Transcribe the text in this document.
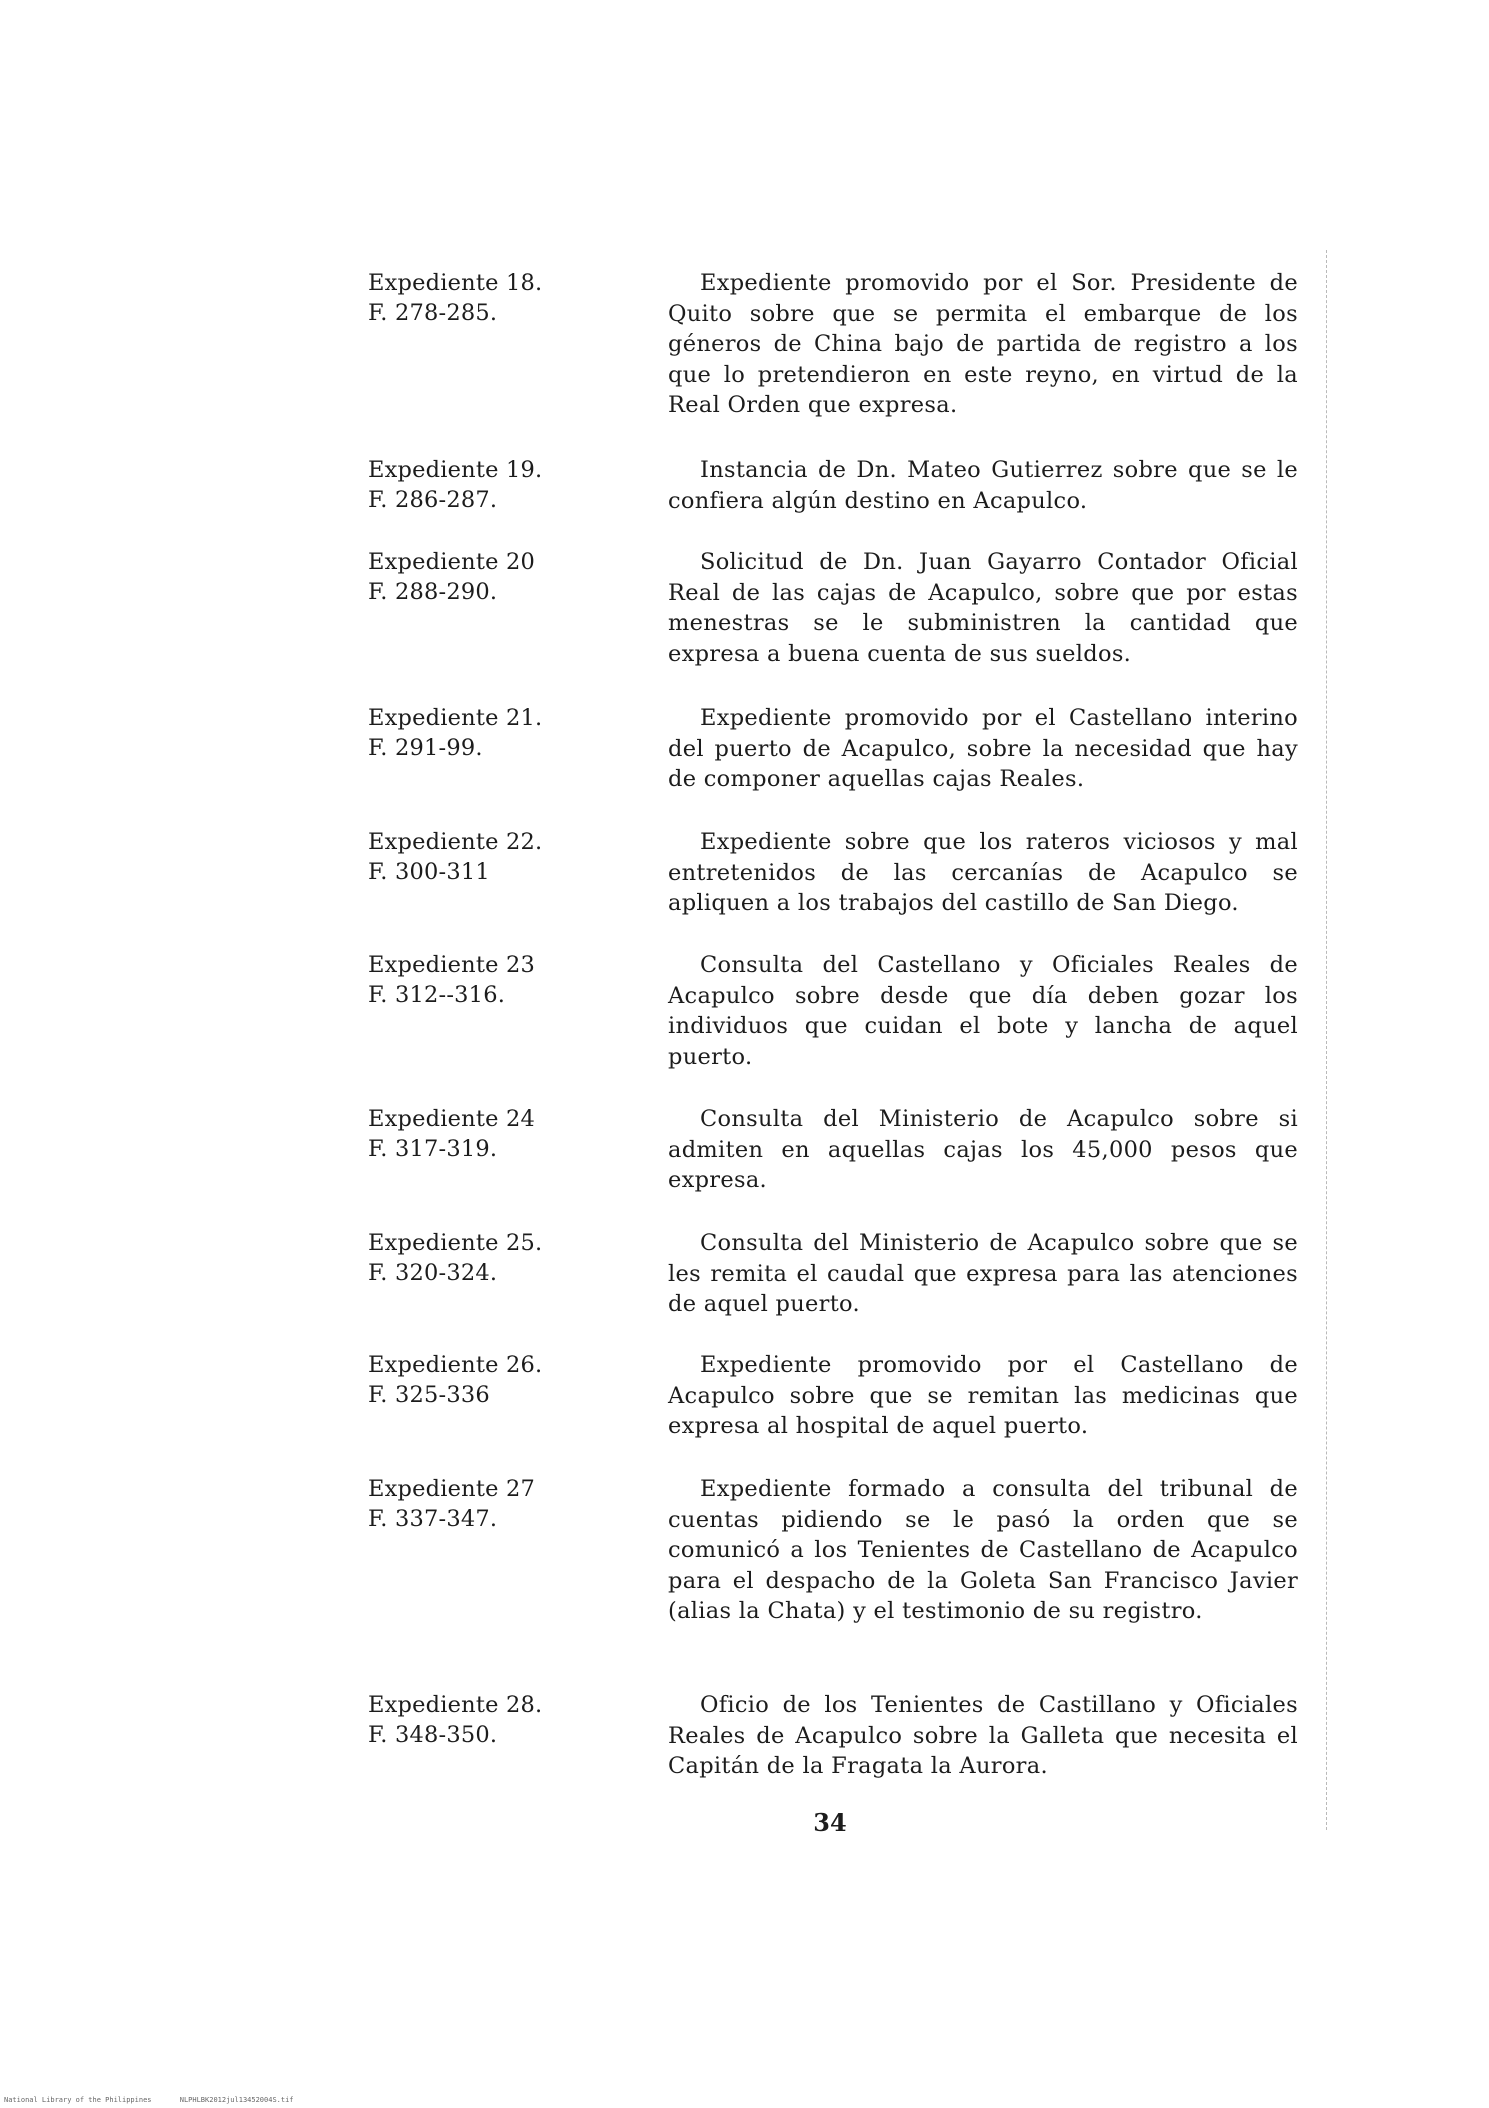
Expediente 18.
F. 278-285.
Expediente promovido por el Sor. Presidente de Quito sobre que se permita el embarque de los géneros de China bajo de partida de registro a los que lo pretendieron en este reyno, en virtud de la Real Orden que expresa.
Expediente 19.
F. 286-287.
Instancia de Dn. Mateo Gutierrez sobre que se le confiera algún destino en Acapulco.
Expediente 20
F. 288-290.
Solicitud de Dn. Juan Gayarro Contador Oficial Real de las cajas de Acapulco, sobre que por estas menestras se le subministren la cantidad que expresa a buena cuenta de sus sueldos.
Expediente 21.
F. 291-99.
Expediente promovido por el Castellano interino del puerto de Acapulco, sobre la necesidad que hay de componer aquellas cajas Reales.
Expediente 22.
F. 300-311
Expediente sobre que los rateros viciosos y mal entretenidos de las cercanías de Acapulco se apliquen a los trabajos del castillo de San Diego.
Expediente 23
F. 312--316.
Consulta del Castellano y Oficiales Reales de Acapulco sobre desde que día deben gozar los individuos que cuidan el bote y lancha de aquel puerto.
Expediente 24
F. 317-319.
Consulta del Ministerio de Acapulco sobre si admiten en aquellas cajas los 45,000 pesos que expresa.
Expediente 25.
F. 320-324.
Consulta del Ministerio de Acapulco sobre que se les remita el caudal que expresa para las atenciones de aquel puerto.
Expediente 26.
F. 325-336
Expediente promovido por el Castellano de Acapulco sobre que se remitan las medicinas que expresa al hospital de aquel puerto.
Expediente 27
F. 337-347.
Expediente formado a consulta del tribunal de cuentas pidiendo se le pasó la orden que se comunicó a los Tenientes de Castellano de Acapulco para el despacho de la Goleta San Francisco Javier (alias la Chata) y el testimonio de su registro.
Expediente 28.
F. 348-350.
Oficio de los Tenientes de Castillano y Oficiales Reales de Acapulco sobre la Galleta que necesita el Capitán de la Fragata la Aurora.
34
National Library of the Philippines	NLPHLBK2012jul13452004S.tif
